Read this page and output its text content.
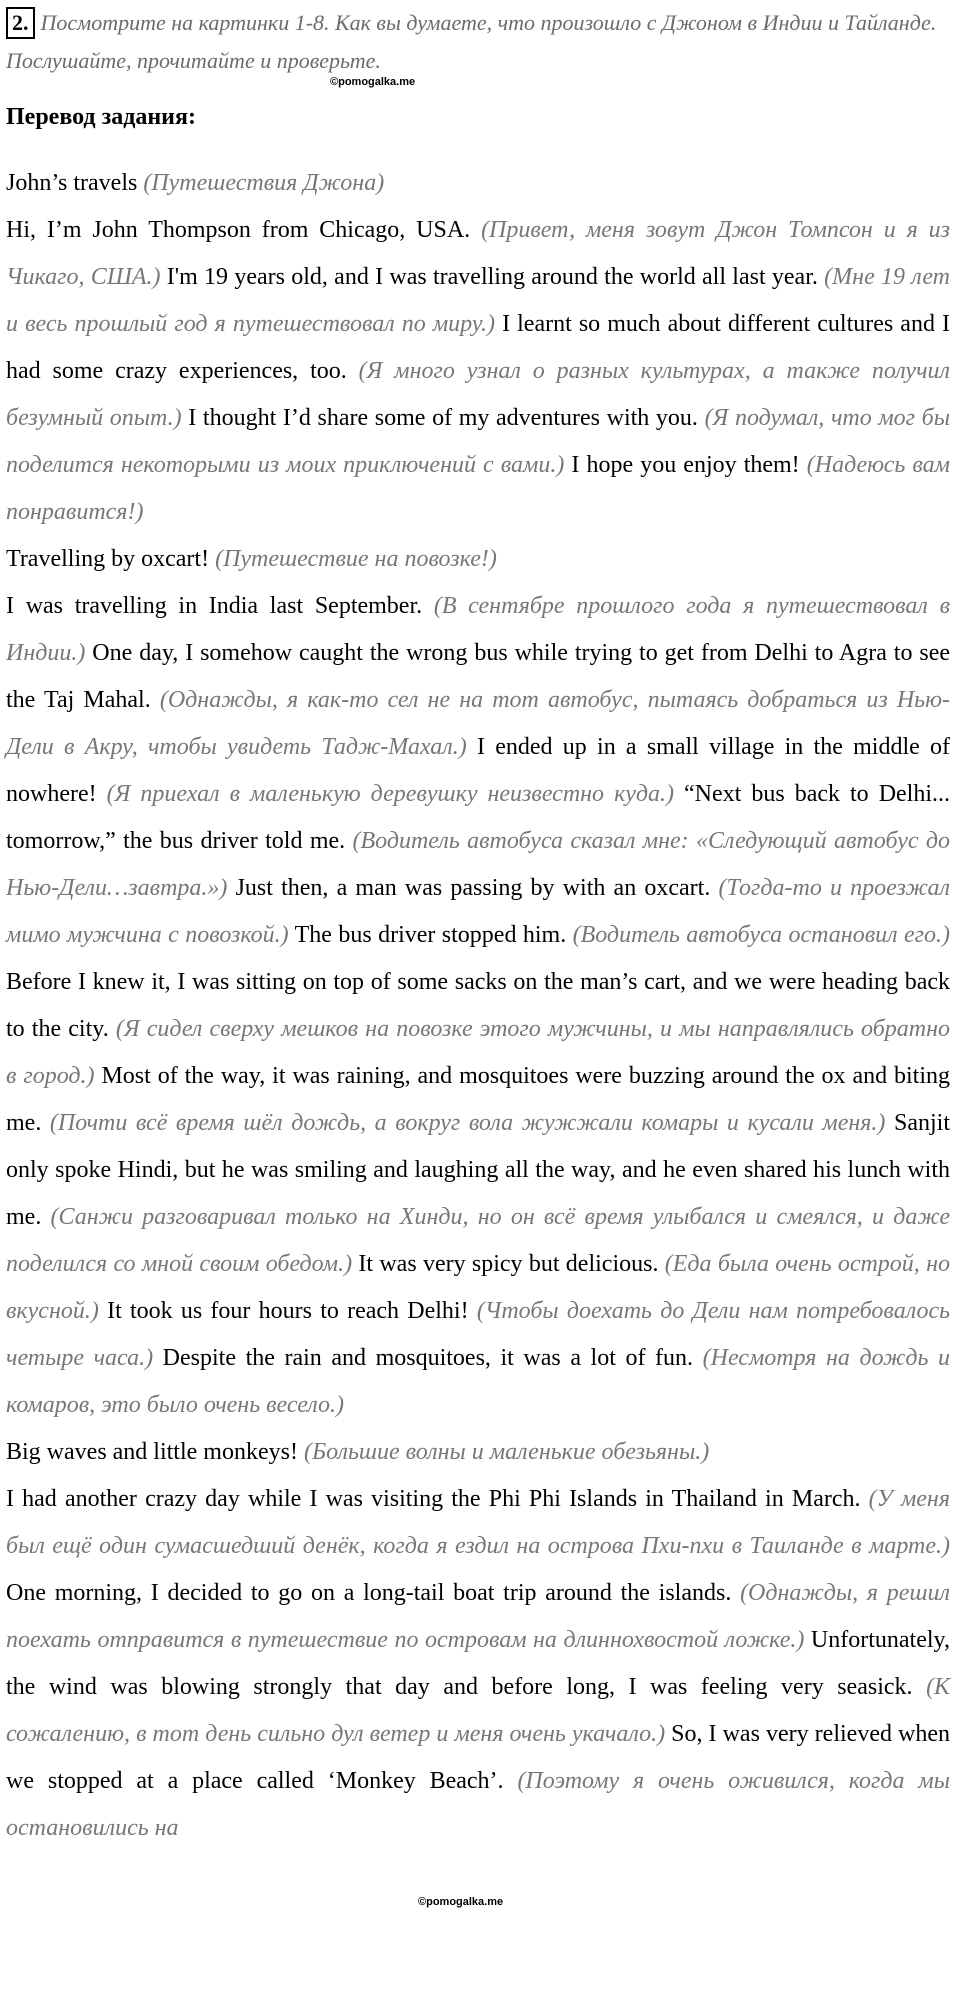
2. Посмотрите на картинки 1-8. Как вы думаете, что произошло с Джоном в Индии и Тайланде. Послушайте, прочитайте и проверьте.
©pomogalka.me
Перевод задания:

John’s travels (Путешествия Джона)

Hi, I’m John Thompson from Chicago, USA. (Привет, меня зовут Джон Томпсон и я из Чикаго, США.) I'm 19 years old, and I was travelling around the world all last year. (Мне 19 лет и весь прошлый год я путешествовал по миру.) I learnt so much about different cultures and I had some crazy experiences, too. (Я много узнал о разных культурах, а также получил безумный опыт.) I thought I’d share some of my adventures with you. (Я подумал, что мог бы поделится некоторыми из моих приключений с вами.) I hope you enjoy them! (Надеюсь вам понравится!)

Travelling by oxcart! (Путешествие на повозке!)

I was travelling in India last September. (В сентябре прошлого года я путешествовал в Индии.) One day, I somehow caught the wrong bus while trying to get from Delhi to Agra to see the Taj Mahal. (Однажды, я как-то сел не на тот автобус, пытаясь добраться из Нью-Дели в Акру, чтобы увидеть Тадж-Махал.) I ended up in a small village in the middle of nowhere! (Я приехал в маленькую деревушку неизвестно куда.) “Next bus back to Delhi... tomorrow,” the bus driver told me. (Водитель автобуса сказал мне: «Следующий автобус до Нью-Дели…завтра.») Just then, a man was passing by with an oxcart. (Тогда-то и проезжал мимо мужчина с повозкой.) The bus driver stopped him. (Водитель автобуса остановил его.) Before I knew it, I was sitting on top of some sacks on the man’s cart, and we were heading back to the city. (Я сидел сверху мешков на повозке этого мужчины, и мы направлялись обратно в город.) Most of the way, it was raining, and mosquitoes were buzzing around the ox and biting me. (Почти всё время шёл дождь, а вокруг вола жужжали комары и кусали меня.) Sanjit only spoke Hindi, but he was smiling and laughing all the way, and he even shared his lunch with me. (Санжи разговаривал только на Хинди, но он всё время улыбался и смеялся, и даже поделился со мной своим обедом.) It was very spicy but delicious. (Еда была очень острой, но вкусной.) It took us four hours to reach Delhi! (Чтобы доехать до Дели нам потребовалось четыре часа.) Despite the rain and mosquitoes, it was a lot of fun. (Несмотря на дождь и комаров, это было очень весело.)

Big waves and little monkeys! (Большие волны и маленькие обезьяны.)

I had another crazy day while I was visiting the Phi Phi Islands in Thailand in March. (У меня был ещё один сумасшедший денёк, когда я ездил на острова Пхи-пхи в Таиланде в марте.) One morning, I decided to go on a long-tail boat trip around the islands. (Однажды, я решил поехать отправится в путешествие по островам на длиннохвостой ложке.) Unfortunately, the wind was blowing strongly that day and before long, I was feeling very seasick. (К сожалению, в тот день сильно дул ветер и меня очень укачало.) So, I was very relieved when we stopped at a place called ‘Monkey Beach’. (Поэтому я очень оживился, когда мы остановились на

©pomogalka.me
